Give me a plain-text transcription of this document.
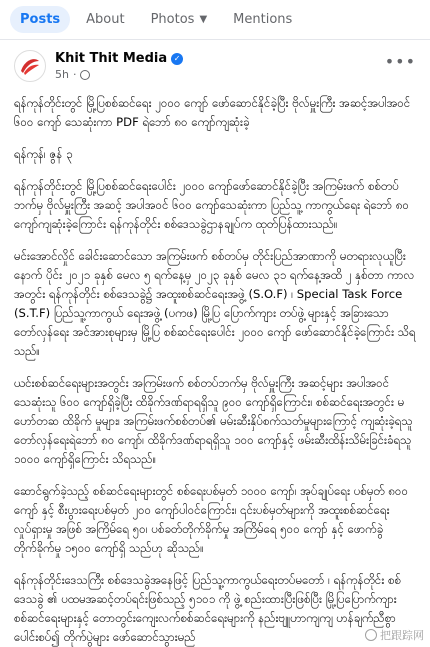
Posts About Photos ▼ Mentions
Khit Thit Media ✓
5h ·
•••

ရန်ကုန်တိုင်းတွင် မြို့ပြစစ်ဆင်ရေး ၂၀၀၀ ကျော် ဖော်ဆောင်နိုင်ခဲ့ပြီး ဗိုလ်မှူးကြီး အဆင့်အပါအဝင် ၆၀၀ ကျော် သေဆုံးကာ PDF ရဲဘော် ၈၀ ကျော်ကျဆုံးခဲ့

ရန်ကုန်၊ ဇွန် ၃

ရန်ကုန်တိုင်းတွင် မြို့ပြစစ်ဆင်ရေးပေါင်း ၂၀၀၀ ကျော်ဖော်ဆောင်နိုင်ခဲ့ပြီး အကြမ်းဖက် စစ်တပ်ဘက်မှ ဗိုလ်မှူးကြီး အဆင့် အပါအဝင် ၆၀၀ ကျော်သေဆုံးကာ ပြည်သူ့ ကာကွယ်ရေး ရဲဘော် ၈၀ ကျော်ကျဆုံးခဲ့ကြောင်း ရန်ကုန်တိုင်း စစ်ဒေသခွဲဌာနချုပ်က ထုတ်ပြန်ထားသည်။

မင်းအောင်လှိုင် ခေါင်းဆောင်သော အကြမ်းဖက် စစ်တပ်မှ တိုင်းပြည်အာဏာကို မတရားလုယူပြီးနောက် ပိုင်း ၂၀၂၁ ခုနှစ် မေလ ၅ ရက်နေ့မှ ၂၀၂၃ ခုနှစ် မေလ ၃၁ ရက်နေ့အထိ ၂ နှစ်တာ ကာလအတွင်း ရန်ကုန်တိုင်း စစ်ဒေသခွဲ၌ အထူးစစ်ဆင်ရေးအဖွဲ့ (S.O.F) ၊ Special Task Force (S.T.F) ပြည်သူ့ကာကွယ် ရေးအဖွဲ့ (ပကဖ) မြို့ပြ ပြောက်ကျား တပ်ဖွဲ့ များနှင့် အခြားသော တော်လှန်ရေး အင်အားစုများမှ မြို့ပြ စစ်ဆင်ရေးပေါင်း ၂၀၀၀ ကျော် ဖော်ဆောင်နိုင်ခဲ့ကြောင်း သိရသည်။

ယင်းစစ်ဆင်ရေးများအတွင်း အကြမ်းဖက် စစ်တပ်ဘက်မှ ဗိုလ်မှူးကြီး အဆင့်များ အပါအဝင် သေဆုံးသူ ၆၀၀ ကျော်ရှိခဲ့ပြီး ထိခိုက်ဒဏ်ရာရရှိသူ ၉၀၀ ကျော်ရှိကြောင်း၊ စစ်ဆင်ရေးအတွင်း မဟော်တဆ ထိခိုက် မှုများ၊ အကြမ်းဖက်စစ်တပ်၏ မမ်းဆီးနှိပ်စက်သတ်မှုများကြောင့် ကျဆုံးခဲ့ရသူ တော်လှန်ရေးရဲဘော် ၈၀ ကျော်၊ ထိခိုက်ဒဏ်ရာရရှိသူ ၁၀၀ ကျော်နှင့် ဖမ်းဆီးထိန်းသိမ်းခြင်းခံရသူ ၁၀၀၀ ကျော်ရှိကြောင်း သိရသည်။

ဆောင်ရွက်ခဲ့သည့် စစ်ဆင်ရေးများတွင် စစ်ရေးပစ်မှတ် ၁၀၀၀ ကျော်၊ အုပ်ချုပ်ရေး ပစ်မှတ် ၈၀၀ ကျော် နှင့် စီးပွားရေးပစ်မှတ် ၂၀၀ ကျော်ပါဝင်ကြောင်း၊ ၎င်းပစ်မှတ်များကို အထူးစစ်ဆင်ရေး လှုပ်ရှားမှု အဖြစ် အကြိမ်ရေ ၅၀၊ ပစ်ခတ်တိုက်ခိုက်မှု အကြိမ်ရေ ၅၀၀ ကျော် နှင့် ဖောက်ခွဲတိုက်ခိုက်မှု ၁၅၀၀ ကျော်ရှိ သည်ဟု ဆိုသည်။

ရန်ကုန်တိုင်းဒေသကြီး စစ်ဒေသခွဲအနေဖြင့် ပြည်သူ့ကာကွယ်ရေးတပ်မတော် ၊ ရန်ကုန်တိုင်း စစ်ဒေသခွဲ ၏ ပထမအဆင့်တပ်ရင်းဖြစ်သည့် ၅၁၀၁ ကို ဖွဲ့ စည်းထားပြီးဖြစ်ပြီး မြို့ပြပြောက်ကျား စစ်ဆင်ရေးများနှင့် တောတွင်းကျေးလက်စစ်ဆင်ရေးများကို နည်းဗျူဟာကျကျ ဟန်ချက်ညီစွာ ပေါင်းစပ်၍ တိုက်ပွဲများ ဖော်ဆောင်သွားမည်	把跟踪网
